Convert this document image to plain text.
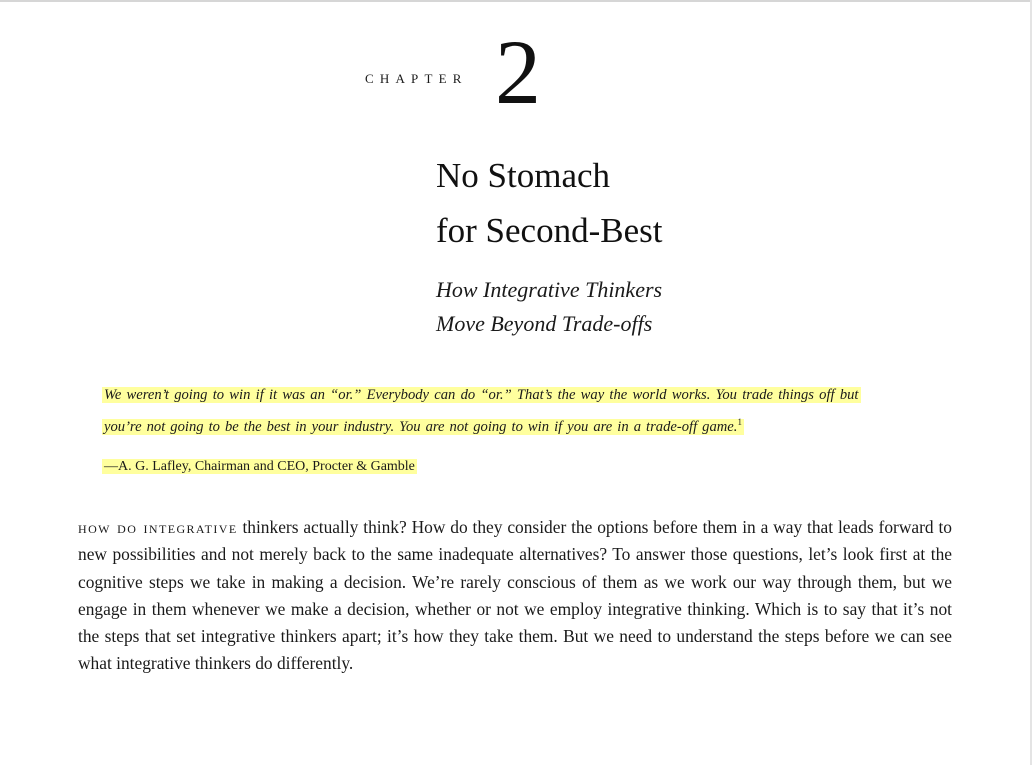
CHAPTER 2
No Stomach
for Second-Best
How Integrative Thinkers
Move Beyond Trade-offs
We weren’t going to win if it was an “or.” Everybody can do “or.” That’s the way the world works. You trade things off but
you’re not going to be the best in your industry. You are not going to win if you are in a trade-off game.$^1$
—A. G. Lafley, Chairman and CEO, Procter & Gamble
how do integrative thinkers actually think? How do they consider the options before them in a way that leads forward to new possibilities and not merely back to the same inadequate alternatives? To answer those questions, let’s look first at the cognitive steps we take in making a decision. We’re rarely conscious of them as we work our way through them, but we engage in them whenever we make a decision, whether or not we employ integrative thinking. Which is to say that it’s not the steps that set integrative thinkers apart; it’s how they take them. But we need to understand the steps before we can see what integrative thinkers do differently.
